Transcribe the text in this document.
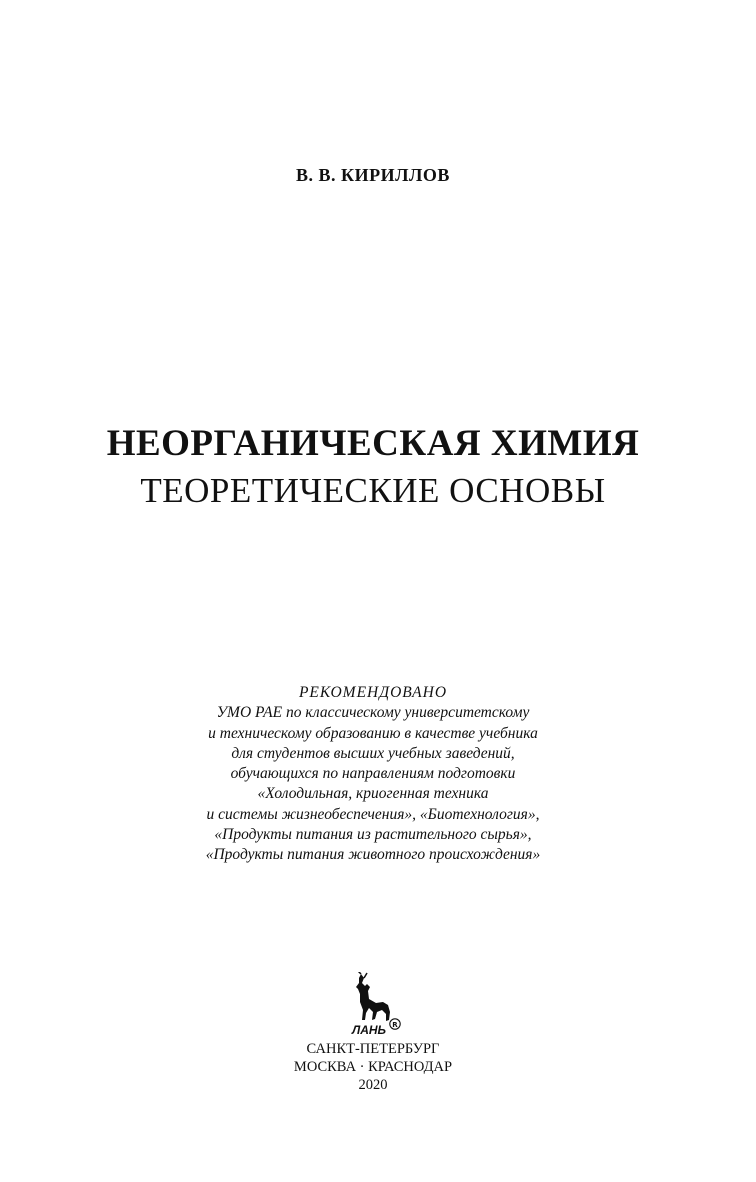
В. В. КИРИЛЛОВ
НЕОРГАНИЧЕСКАЯ ХИМИЯ
ТЕОРЕТИЧЕСКИЕ ОСНОВЫ
РЕКОМЕНДОВАНО
УМО РАЕ по классическому университетскому
и техническому образованию в качестве учебника
для студентов высших учебных заведений,
обучающихся по направлениям подготовки
«Холодильная, криогенная техника
и системы жизнеобеспечения», «Биотехнология»,
«Продукты питания из растительного сырья»,
«Продукты питания животного происхождения»
R
ЛАНЬ
САНКТ-ПЕТЕРБУРГ
МОСКВА · КРАСНОДАР
2020
